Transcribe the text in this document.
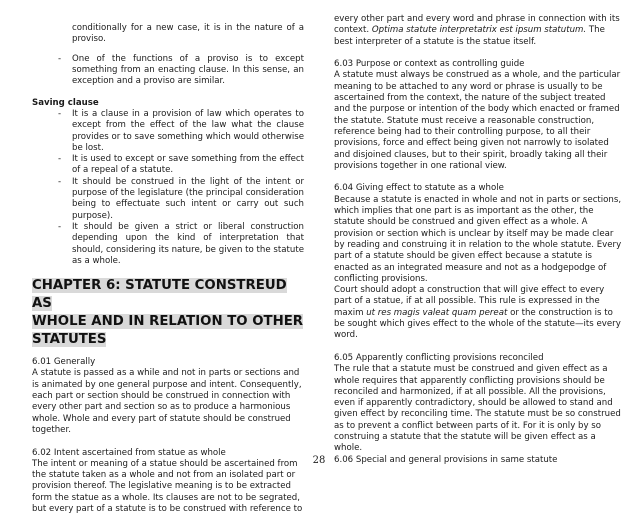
conditionally for a new case, it is in the nature of a proviso.

- One of the functions of a proviso is to except something from an enacting clause. In this sense, an exception and a proviso are similar.

Saving clause

- It is a clause in a provision of law which operates to except from the effect of the law what the clause provides or to save something which would otherwise be lost.
- It is used to except or save something from the effect of a repeal of a statute.
- It should be construed in the light of the intent or purpose of the legislature (the principal consideration being to effectuate such intent or carry out such purpose).
- It should be given a strict or liberal construction depending upon the kind of interpretation that should, considering its nature, be given to the statute as a whole.
CHAPTER 6: STATUTE CONSTREUD AS
WHOLE AND IN RELATION TO OTHER
STATUTES

6.01 Generally

A statute is passed as a while and not in parts or sections and is animated by one general purpose and intent. Consequently, each part or section should be construed in connection with every other part and section so as to produce a harmonious whole. Whole and every part of statute should be construed together.

6.02 Intent ascertained from statue as whole

The intent or meaning of a statue should be ascertained from the statute taken as a whole and not from an isolated part or provision thereof. The legislative meaning is to be extracted form the statue as a whole. Its clauses are not to be segrated, but every part of a statute is to be construed with reference to

every other part and every word and phrase in connection with its context. Optima statute interpretatrix est ipsum statutum. The best interpreter of a statute is the statue itself.

6.03 Purpose or context as controlling guide

A statute must always be construed as a whole, and the particular meaning to be attached to any word or phrase is usually to be ascertained from the context, the nature of the subject treated and the purpose or intention of the body which enacted or framed the statute. Statute must receive a reasonable construction, reference being had to their controlling purpose, to all their provisions, force and effect being given not narrowly to isolated and disjoined clauses, but to their spirit, broadly taking all their provisions together in one rational view.

6.04 Giving effect to statute as a whole

Because a statute is enacted in whole and not in parts or sections, which implies that one part is as important as the other, the statute should be construed and given effect as a whole. A provision or section which is unclear by itself may be made clear by reading and construing it in relation to the whole statute. Every part of a statute should be given effect because a statute is enacted as an integrated measure and not as a hodgepodge of conflicting provisions.

Court should adopt a construction that will give effect to every part of a statue, if at all possible. This rule is expressed in the maxim ut res magis valeat quam pereat or the construction is to be sought which gives effect to the whole of the statute—its every word.

6.05 Apparently conflicting provisions reconciled

The rule that a statute must be construed and given effect as a whole requires that apparently conflicting provisions should be reconciled and harmonized, if at all possible. All the provisions, even if apparently contradictory, should be allowed to stand and given effect by reconciling time. The statute must be so construed as to prevent a conflict between parts of it. For it is only by so construing a statute that the statute will be given effect as a whole.

6.06 Special and general provisions in same statute

28
